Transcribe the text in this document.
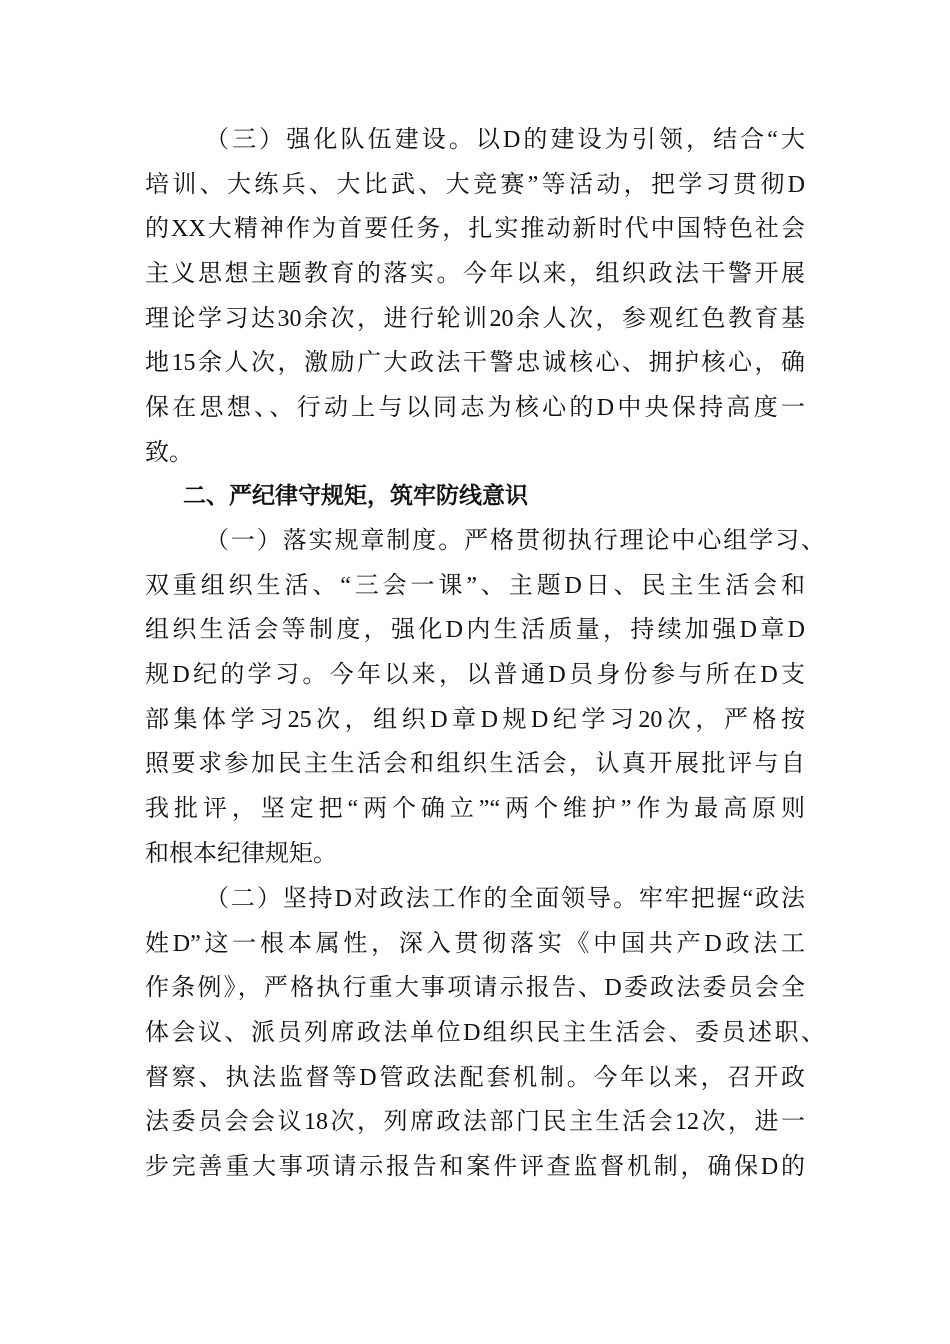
（三）强化队伍建设。以D的建设为引领，结合“大
培训、大练兵、大比武、大竞赛”等活动，把学习贯彻D
的XX大精神作为首要任务，扎实推动新时代中国特色社会
主义思想主题教育的落实。今年以来，组织政法干警开展
理论学习达30余次，进行轮训20余人次，参观红色教育基
地15余人次，激励广大政法干警忠诚核心、拥护核心，确
保在思想、、行动上与以同志为核心的D中央保持高度一
致。
二、严纪律守规矩，筑牢防线意识
（一）落实规章制度。严格贯彻执行理论中心组学习、
双重组织生活、“三会一课”、主题D日、民主生活会和
组织生活会等制度，强化D内生活质量，持续加强D章D
规D纪的学习。今年以来，以普通D员身份参与所在D支
部集体学习25次，组织D章D规D纪学习20次，严格按
照要求参加民主生活会和组织生活会，认真开展批评与自
我批评，坚定把“两个确立”“两个维护”作为最高原则
和根本纪律规矩。
（二）坚持D对政法工作的全面领导。牢牢把握“政法
姓D”这一根本属性，深入贯彻落实《中国共产D政法工
作条例》，严格执行重大事项请示报告、D委政法委员会全
体会议、派员列席政法单位D组织民主生活会、委员述职、
督察、执法监督等D管政法配套机制。今年以来，召开政
法委员会会议18次，列席政法部门民主生活会12次，进一
步完善重大事项请示报告和案件评查监督机制，确保D的
